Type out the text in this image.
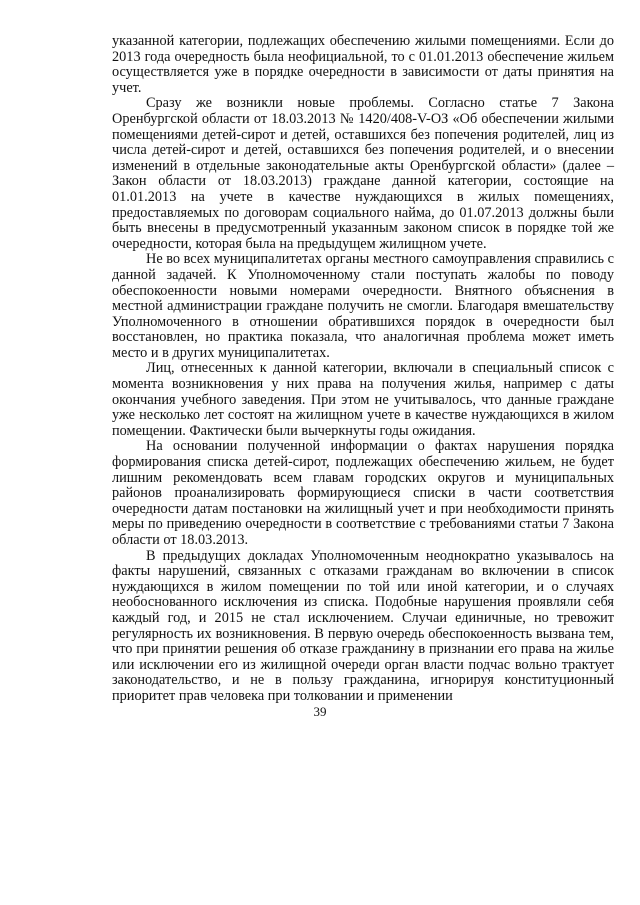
указанной категории, подлежащих обеспечению жилыми помещениями. Если до 2013 года очередность была неофициальной, то с 01.01.2013 обеспечение жильем осуществляется уже в порядке очередности в зависимости от даты принятия на учет.

Сразу же возникли новые проблемы. Согласно статье 7 Закона Оренбургской области от 18.03.2013 № 1420/408-V-ОЗ «Об обеспечении жилыми помещениями детей-сирот и детей, оставшихся без попечения родителей, лиц из числа детей-сирот и детей, оставшихся без попечения родителей, и о внесении изменений в отдельные законодательные акты Оренбургской области» (далее – Закон области от 18.03.2013) граждане данной категории, состоящие на 01.01.2013 на учете в качестве нуждающихся в жилых помещениях, предоставляемых по договорам социального найма, до 01.07.2013 должны были быть внесены в предусмотренный указанным законом список в порядке той же очередности, которая была на предыдущем жилищном учете.

Не во всех муниципалитетах органы местного самоуправления справились с данной задачей. К Уполномоченному стали поступать жалобы по поводу обеспокоенности новыми номерами очередности. Внятного объяснения в местной администрации граждане получить не смогли. Благодаря вмешательству Уполномоченного в отношении обратившихся порядок в очередности был восстановлен, но практика показала, что аналогичная проблема может иметь место и в других муниципалитетах.

Лиц, отнесенных к данной категории, включали в специальный список с момента возникновения у них права на получения жилья, например с даты окончания учебного заведения. При этом не учитывалось, что данные граждане уже несколько лет состоят на жилищном учете в качестве нуждающихся в жилом помещении. Фактически были вычеркнуты годы ожидания.

На основании полученной информации о фактах нарушения порядка формирования списка детей-сирот, подлежащих обеспечению жильем, не будет лишним рекомендовать всем главам городских округов и муниципальных районов проанализировать формирующиеся списки в части соответствия очередности датам постановки на жилищный учет и при необходимости принять меры по приведению очередности в соответствие с требованиями статьи 7 Закона области от 18.03.2013.

В предыдущих докладах Уполномоченным неоднократно указывалось на факты нарушений, связанных с отказами гражданам во включении в список нуждающихся в жилом помещении по той или иной категории, и о случаях необоснованного исключения из списка. Подобные нарушения проявляли себя каждый год, и 2015 не стал исключением. Случаи единичные, но тревожит регулярность их возникновения. В первую очередь обеспокоенность вызвана тем, что при принятии решения об отказе гражданину в признании его права на жилье или исключении его из жилищной очереди орган власти подчас вольно трактует законодательство, и не в пользу гражданина, игнорируя конституционный приоритет прав человека при толковании и применении

39
